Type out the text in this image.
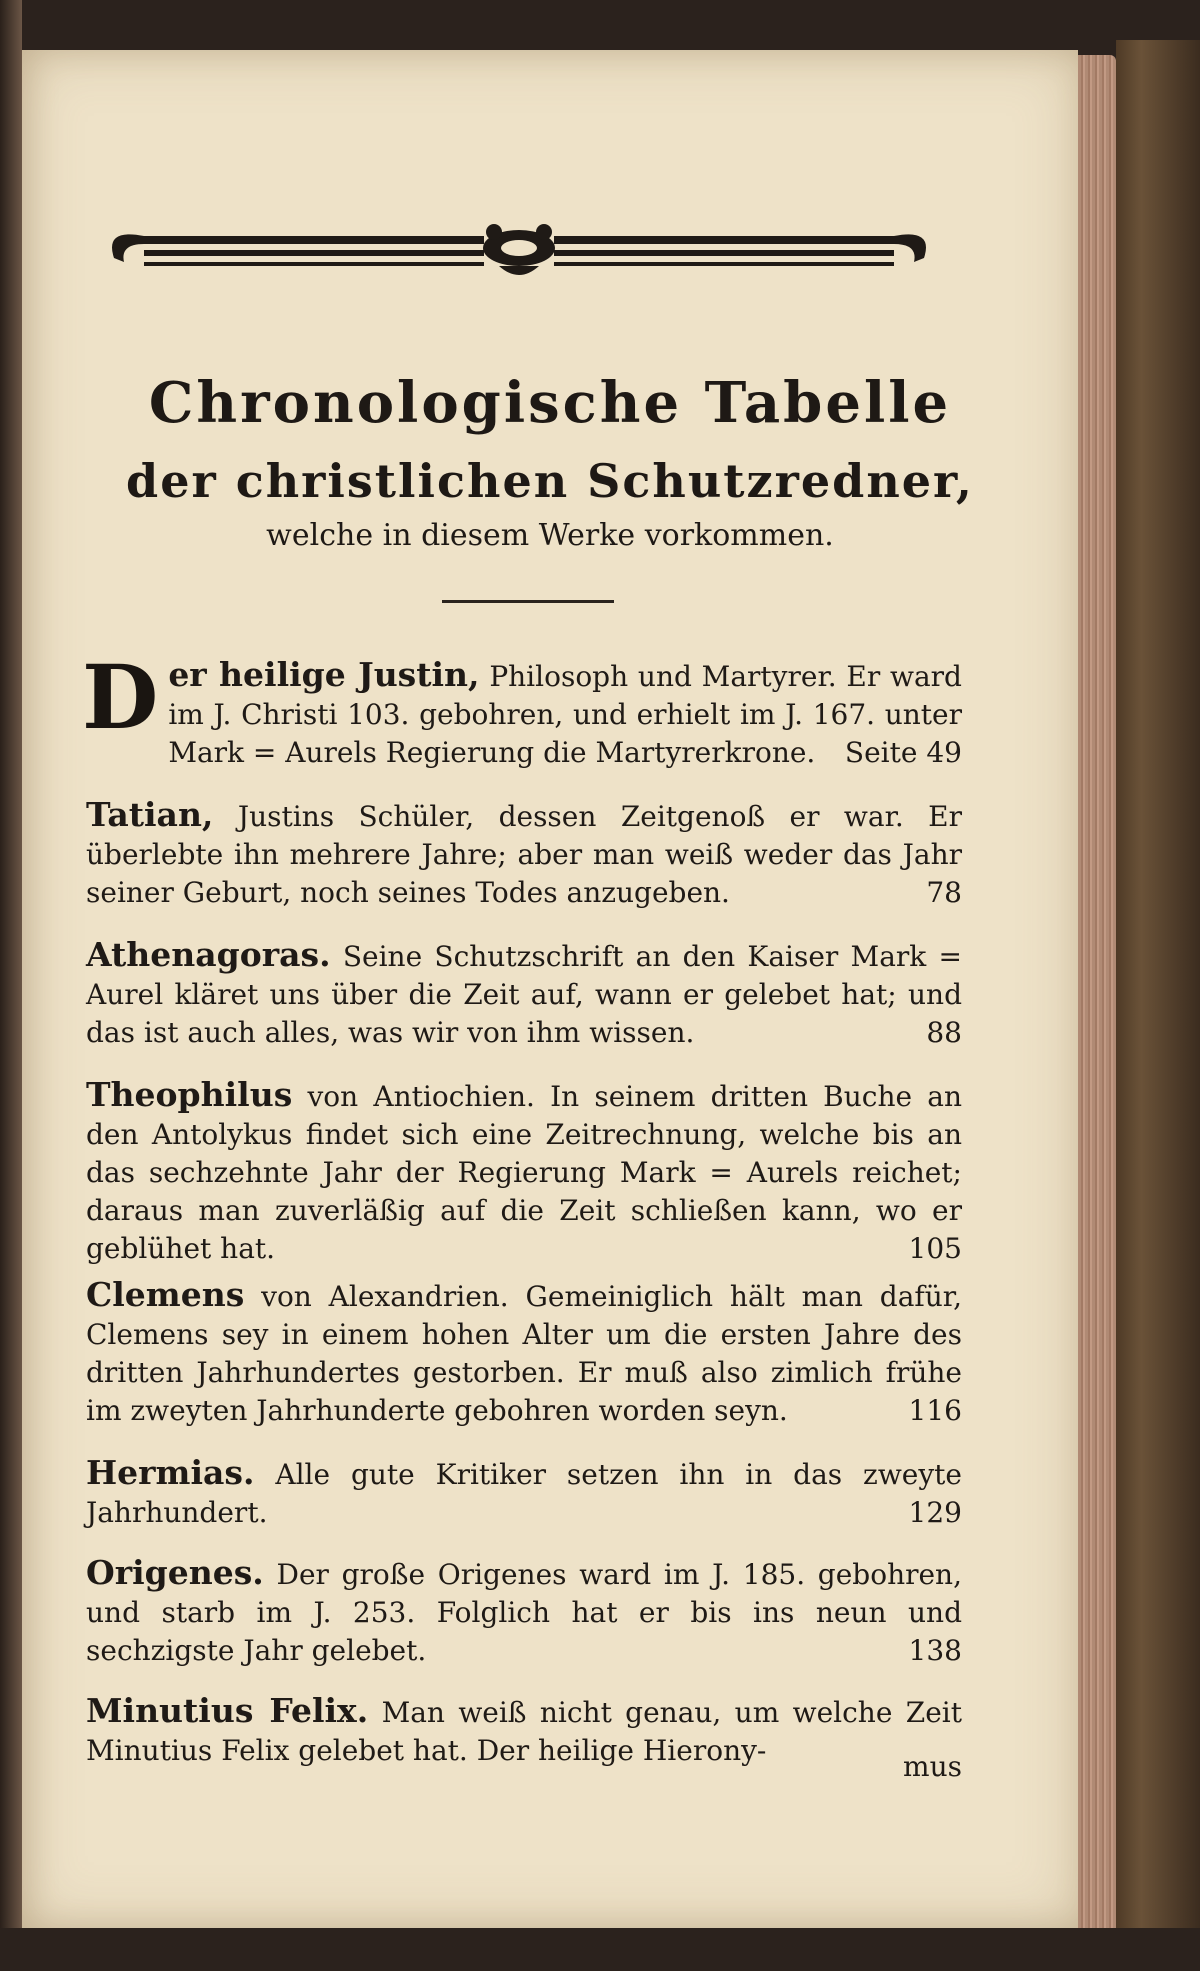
Chronologische Tabelle
der christlichen Schutzredner,
welche in diesem Werke vorkommen.
Der heilige Justin, Philosoph und Martyrer. Er ward im J. Christi 103. gebohren, und erhielt im J. 167. unter Mark = Aurels Regierung die Martyrerkrone. Seite 49
Tatian, Justins Schüler, dessen Zeitgenoß er war. Er überlebte ihn mehrere Jahre; aber man weiß weder das Jahr seiner Geburt, noch seines Todes anzugeben.	78
Athenagoras. Seine Schutzschrift an den Kaiser Mark = Aurel kläret uns über die Zeit auf, wann er gelebet hat; und das ist auch alles, was wir von ihm wissen.	88
Theophilus von Antiochien. In seinem dritten Buche an den Antolykus findet sich eine Zeitrechnung, welche bis an das sechzehnte Jahr der Regierung Mark = Aurels reichet; daraus man zuverläßig auf die Zeit schließen kann, wo er geblühet hat.	105
Clemens von Alexandrien. Gemeiniglich hält man dafür, Clemens sey in einem hohen Alter um die ersten Jahre des dritten Jahrhundertes gestorben. Er muß also zimlich frühe im zweyten Jahrhunderte gebohren worden seyn.	116
Hermias. Alle gute Kritiker setzen ihn in das zweyte Jahrhundert.	129
Origenes. Der große Origenes ward im J. 185. gebohren, und starb im J. 253. Folglich hat er bis ins neun und sechzigste Jahr gelebet.	138
Minutius Felix. Man weiß nicht genau, um welche Zeit Minutius Felix gelebet hat. Der heilige Hierony-	mus
